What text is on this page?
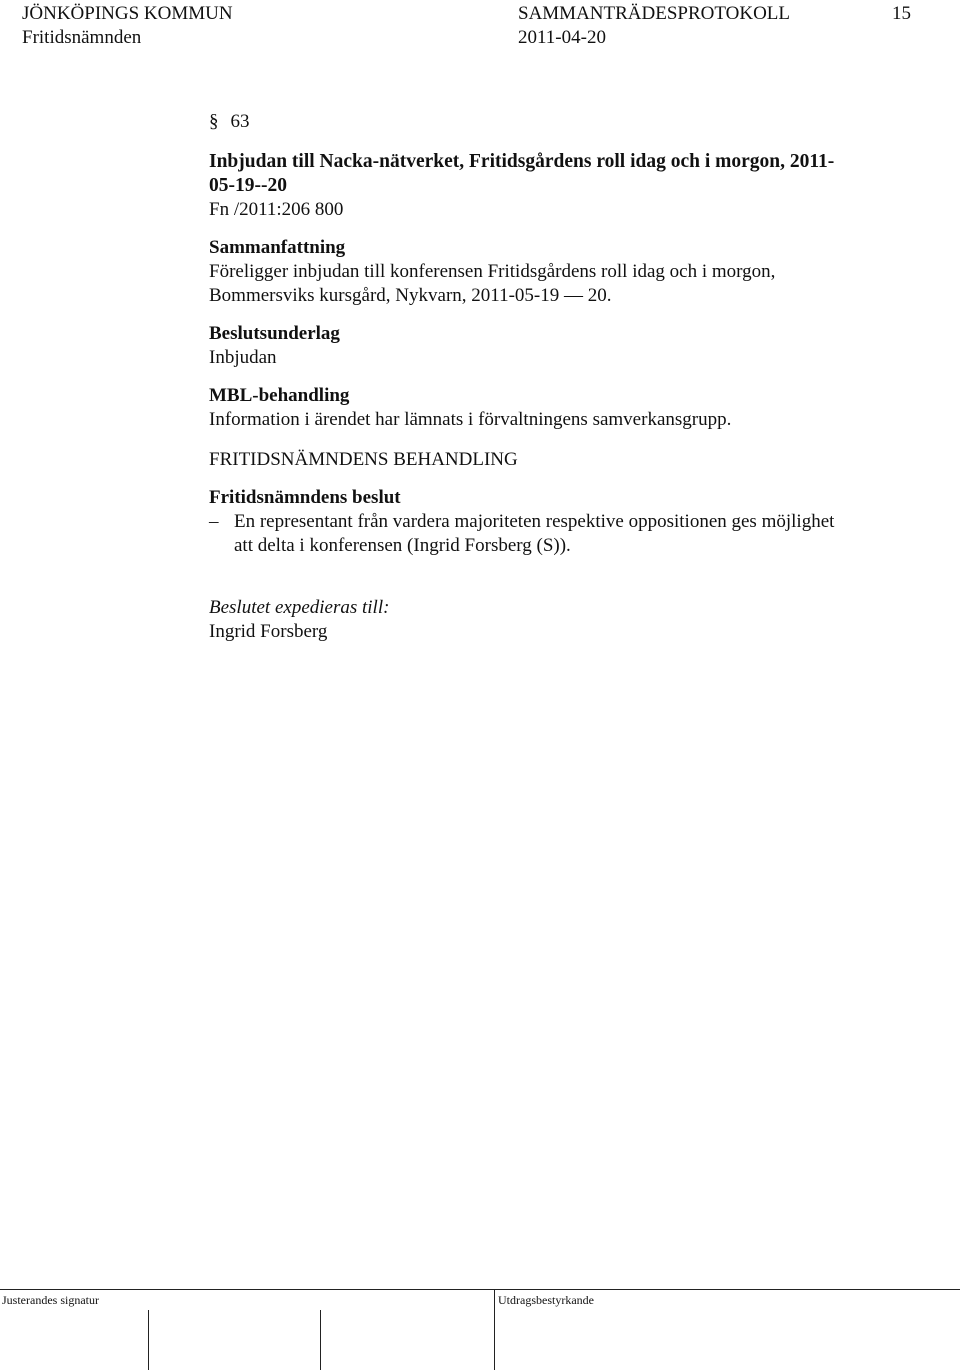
JÖNKÖPINGS KOMMUN
Fritidsnämnden
SAMMANTRÄDESPROTOKOLL
2011-04-20
15

§ 63

Inbjudan till Nacka-nätverket, Fritidsgårdens roll idag och i morgon, 2011-05-19--20

Fn /2011:206 800

Sammanfattning
Föreligger inbjudan till konferensen Fritidsgårdens roll idag och i morgon, Bommersviks kursgård, Nykvarn, 2011-05-19 — 20.
Beslutsunderlag
Inbjudan
MBL-behandling
Information i ärendet har lämnats i förvaltningens samverkansgrupp.
FRITIDSNÄMNDENS BEHANDLING
Fritidsnämndens beslut
– En representant från vardera majoriteten respektive oppositionen ges möjlighet att delta i konferensen (Ingrid Forsberg (S)).
Beslutet expedieras till:
Ingrid Forsberg
Justerandes signatur	Utdragsbestyrkande
